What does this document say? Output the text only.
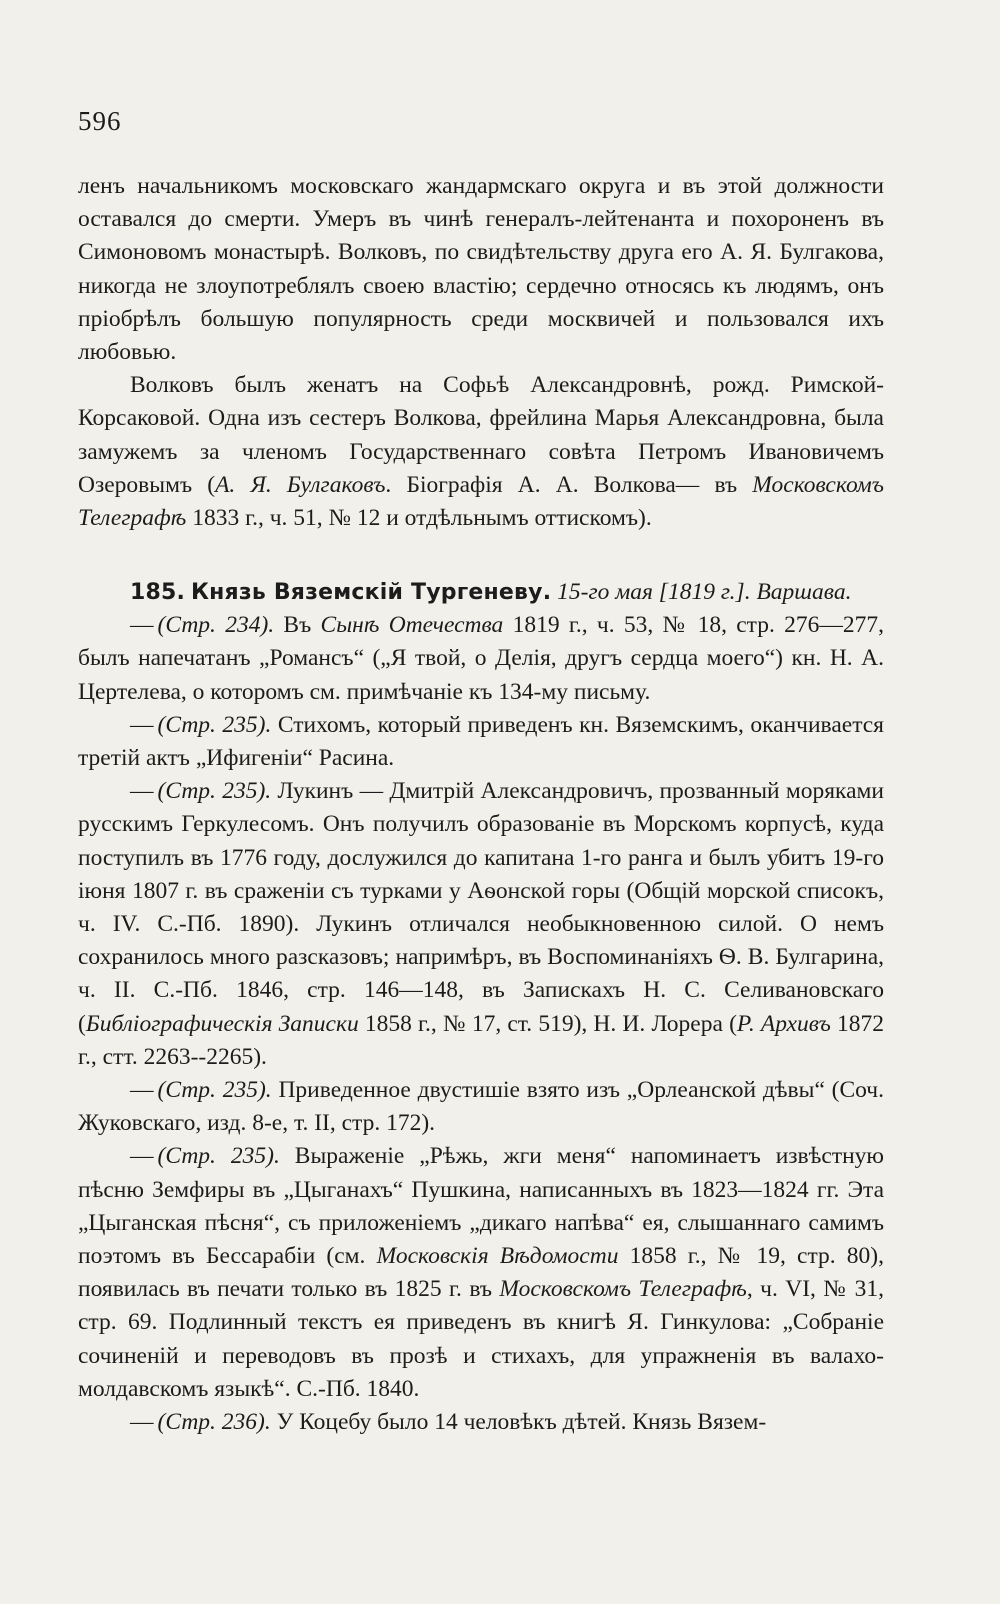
596

ленъ начальникомъ московскаго жандармскаго округа и въ этой должности оставался до смерти. Умеръ въ чинѣ генералъ-лейтенанта и похороненъ въ Симоновомъ монастырѣ. Волковъ, по свидѣтельству друга его А. Я. Булгакова, никогда не злоупотреблялъ своею властію; сердечно относясь къ людямъ, онъ пріобрѣлъ большую популярность среди москвичей и пользовался ихъ любовью.

Волковъ былъ женатъ на Софьѣ Александровнѣ, рожд. Римской-Корсаковой. Одна изъ сестеръ Волкова, фрейлина Марья Александровна, была замужемъ за членомъ Государственнаго совѣта Петромъ Ивановичемъ Озеровымъ (А. Я. Булгаковъ. Біографія А. А. Волкова— въ Московскомъ Телеграфѣ 1833 г., ч. 51, № 12 и отдѣльнымъ оттискомъ).

185. Князь Вяземскій Тургеневу. 15-го мая [1819 г.]. Варшава.

— (Стр. 234). Въ Сынѣ Отечества 1819 г., ч. 53, № 18, стр. 276—277, былъ напечатанъ „Романсъ“ („Я твой, о Делія, другъ сердца моего“) кн. Н. А. Цертелева, о которомъ см. примѣчаніе къ 134-му письму.

— (Стр. 235). Стихомъ, который приведенъ кн. Вяземскимъ, оканчивается третій актъ „Ифигеніи“ Расина.

— (Стр. 235). Лукинъ — Дмитрій Александровичъ, прозванный моряками русскимъ Геркулесомъ. Онъ получилъ образованіе въ Морскомъ корпусѣ, куда поступилъ въ 1776 году, дослужился до капитана 1-го ранга и былъ убитъ 19-го іюня 1807 г. въ сраженіи съ турками у Аѳонской горы (Общій морской списокъ, ч. IV. С.-Пб. 1890). Лукинъ отличался необыкновенною силой. О немъ сохранилось много разсказовъ; напримѣръ, въ Воспоминаніяхъ Ѳ. В. Булгарина, ч. II. С.-Пб. 1846, стр. 146—148, въ Запискахъ Н. С. Селивановскаго (Библіографическія Записки 1858 г., № 17, ст. 519), Н. И. Лорера (Р. Архивъ 1872 г., стт. 2263--2265).

— (Стр. 235). Приведенное двустишіе взято изъ „Орлеанской дѣвы“ (Соч. Жуковскаго, изд. 8-е, т. II, стр. 172).

— (Стр. 235). Выраженіе „Рѣжь, жги меня“ напоминаетъ извѣстную пѣсню Земфиры въ „Цыганахъ“ Пушкина, написанныхъ въ 1823—1824 гг. Эта „Цыганская пѣсня“, съ приложеніемъ „дикаго напѣва“ ея, слышаннаго самимъ поэтомъ въ Бессарабіи (см. Московскія Вѣдомости 1858 г., № 19, стр. 80), появилась въ печати только въ 1825 г. въ Московскомъ Телеграфѣ, ч. VI, № 31, стр. 69. Подлинный текстъ ея приведенъ въ книгѣ Я. Гинкулова: „Собраніе сочиненій и переводовъ въ прозѣ и стихахъ, для упражненія въ валахо-молдавскомъ языкѣ“. С.-Пб. 1840.

— (Стр. 236). У Коцебу было 14 человѣкъ дѣтей. Князь Вязем-
